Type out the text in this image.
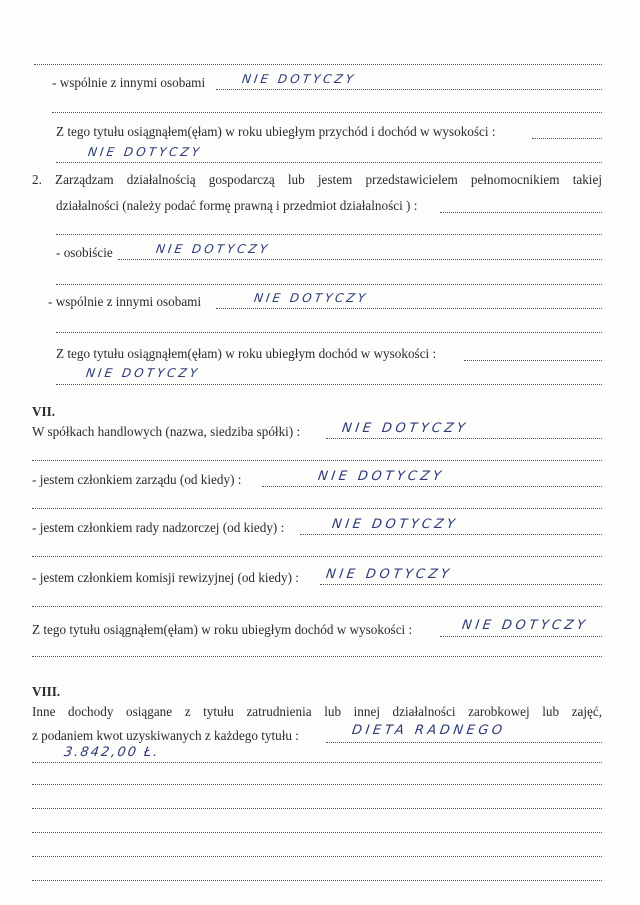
- wspólnie z innymi osobami	NIE DOTYCZY
Z tego tytułu osiągnąłem(ęłam) w roku ubiegłym przychód i dochód w wysokości :
NIE DOTYCZY
2. Zarządzam działalnością gospodarczą lub jestem przedstawicielem pełnomocnikiem takiej
działalności (należy podać formę prawną i przedmiot działalności ) :
- osobiście	NIE DOTYCZY
- wspólnie z innymi osobami	NIE DOTYCZY
Z tego tytułu osiągnąłem(ęłam) w roku ubiegłym dochód w wysokości :
NIE DOTYCZY
VII.
W spółkach handlowych (nazwa, siedziba spółki) :	NIE DOTYCZY
- jestem członkiem zarządu (od kiedy) :	NIE DOTYCZY
- jestem członkiem rady nadzorczej (od kiedy) :	NIE DOTYCZY
- jestem członkiem komisji rewizyjnej (od kiedy) : NIE DOTYCZY
Z tego tytułu osiągnąłem(ęłam) w roku ubiegłym dochód w wysokości :	NIE DOTYCZY
VIII.
Inne dochody osiągane z tytułu zatrudnienia lub innej działalności zarobkowej lub zajęć,
z podaniem kwot uzyskiwanych z każdego tytułu :	DIETA RADNEGO
3.842,00 Ł.
